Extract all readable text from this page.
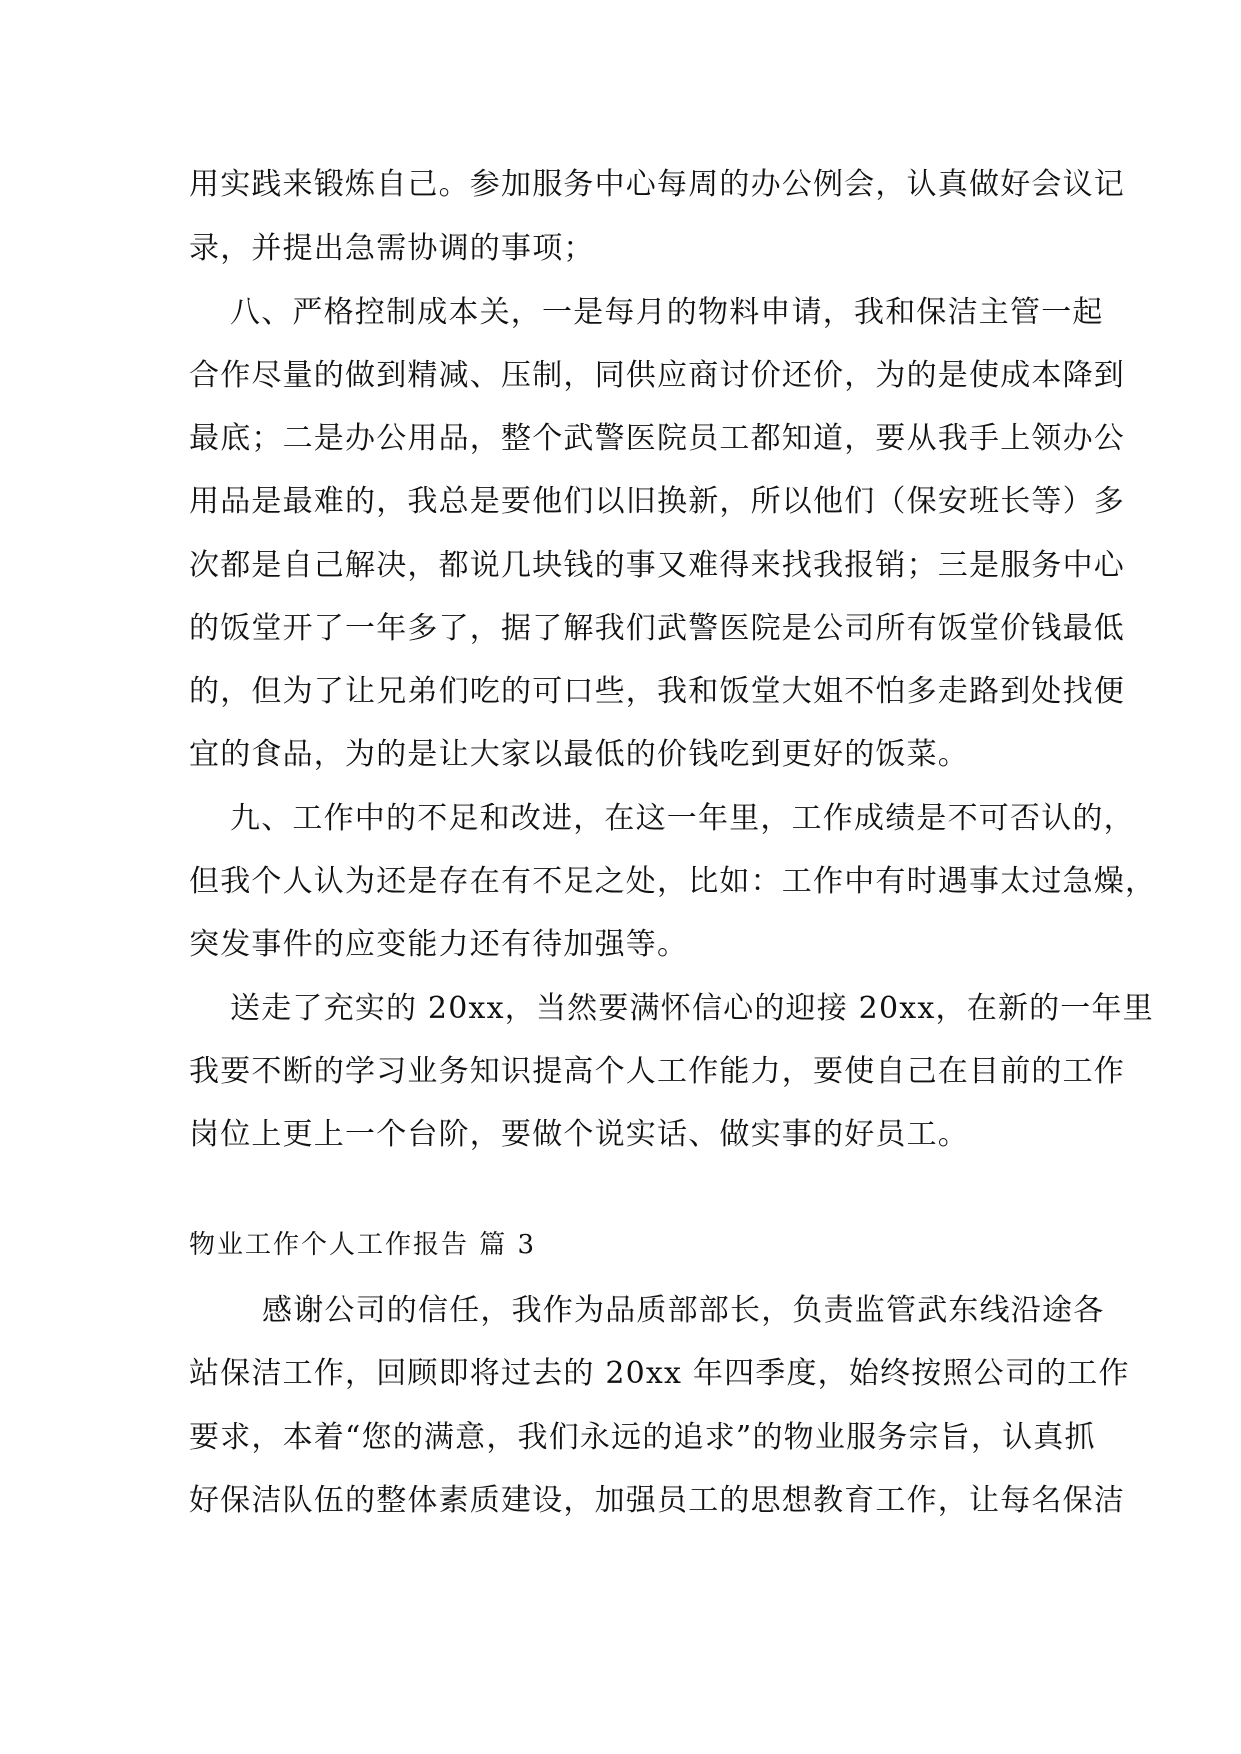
用实践来锻炼自己。参加服务中心每周的办公例会，认真做好会议记
录，并提出急需协调的事项；
八、严格控制成本关，一是每月的物料申请，我和保洁主管一起
合作尽量的做到精减、压制，同供应商讨价还价，为的是使成本降到
最底；二是办公用品，整个武警医院员工都知道，要从我手上领办公
用品是最难的，我总是要他们以旧换新，所以他们（保安班长等）多
次都是自己解决，都说几块钱的事又难得来找我报销；三是服务中心
的饭堂开了一年多了，据了解我们武警医院是公司所有饭堂价钱最低
的，但为了让兄弟们吃的可口些，我和饭堂大姐不怕多走路到处找便
宜的食品，为的是让大家以最低的价钱吃到更好的饭菜。
九、工作中的不足和改进，在这一年里，工作成绩是不可否认的，
但我个人认为还是存在有不足之处，比如：工作中有时遇事太过急燥，
突发事件的应变能力还有待加强等。
送走了充实的 20xx，当然要满怀信心的迎接 20xx，在新的一年里
我要不断的学习业务知识提高个人工作能力，要使自己在目前的工作
岗位上更上一个台阶，要做个说实话、做实事的好员工。
物业工作个人工作报告 篇 3
感谢公司的信任，我作为品质部部长，负责监管武东线沿途各
站保洁工作，回顾即将过去的 20xx 年四季度，始终按照公司的工作
要求，本着“您的满意，我们永远的追求”的物业服务宗旨，认真抓
好保洁队伍的整体素质建设，加强员工的思想教育工作，让每名保洁
